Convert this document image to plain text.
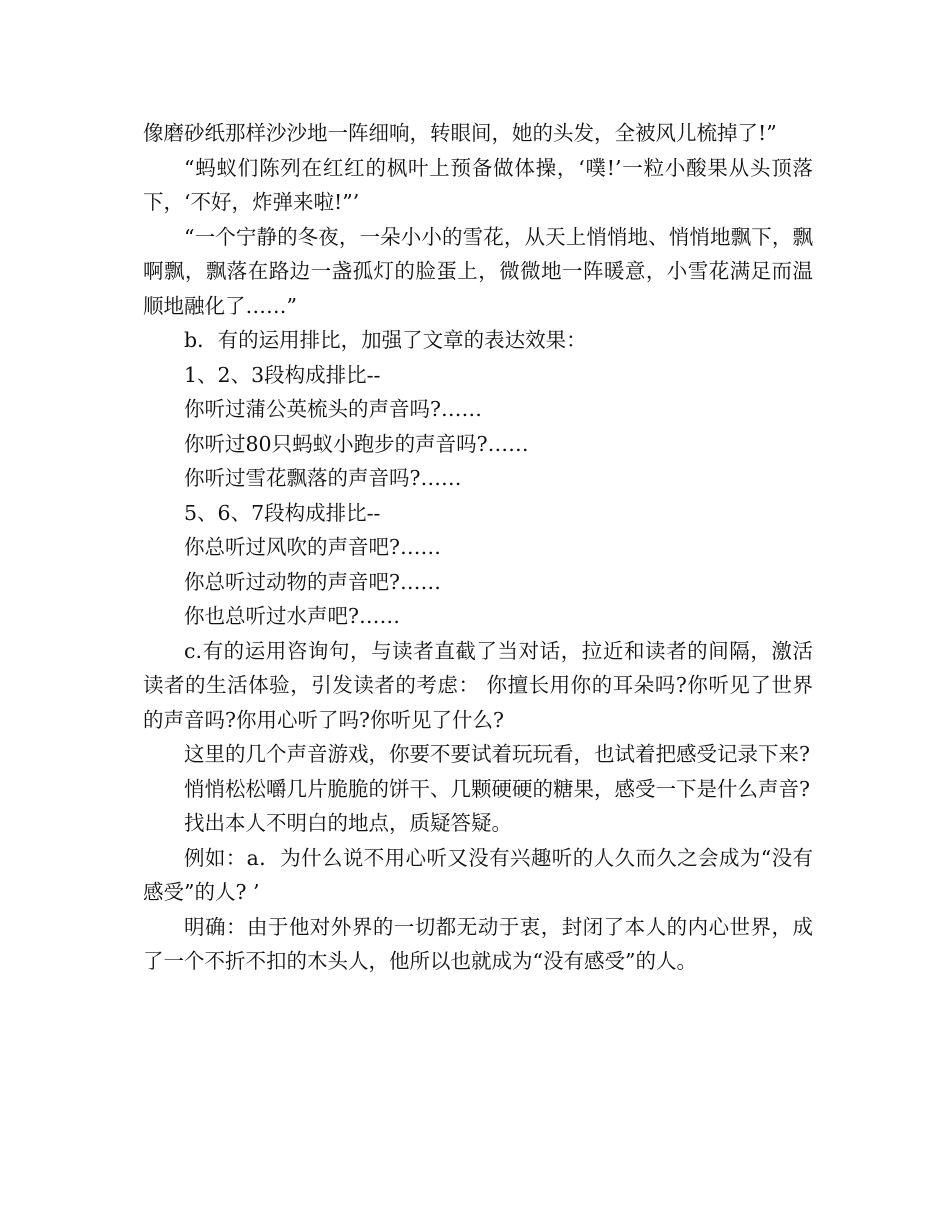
像磨砂纸那样沙沙地一阵细响，转眼间，她的头发，全被风儿梳掉了!”

“蚂蚁们陈列在红红的枫叶上预备做体操，‘噗!’一粒小酸果从头顶落下，‘不好，炸弹来啦!”’

“一个宁静的冬夜，一朵小小的雪花，从天上悄悄地、悄悄地飘下，飘啊飘，飘落在路边一盏孤灯的脸蛋上，微微地一阵暖意，小雪花满足而温顺地融化了……”

b．有的运用排比，加强了文章的表达效果：

1、2、3段构成排比--

你听过蒲公英梳头的声音吗?……

你听过80只蚂蚁小跑步的声音吗?……

你听过雪花飘落的声音吗?……

5、6、7段构成排比--

你总听过风吹的声音吧?……

你总听过动物的声音吧?……

你也总听过水声吧?……

c.有的运用咨询句，与读者直截了当对话，拉近和读者的间隔，激活读者的生活体验，引发读者的考虑： 你擅长用你的耳朵吗?你听见了世界的声音吗?你用心听了吗?你听见了什么?

这里的几个声音游戏，你要不要试着玩玩看，也试着把感受记录下来?

悄悄松松嚼几片脆脆的饼干、几颗硬硬的糖果，感受一下是什么声音?

找出本人不明白的地点，质疑答疑。

例如：a．为什么说不用心听又没有兴趣听的人久而久之会成为“没有感受”的人? ’

明确：由于他对外界的一切都无动于衷，封闭了本人的内心世界，成了一个不折不扣的木头人，他所以也就成为“没有感受”的人。
